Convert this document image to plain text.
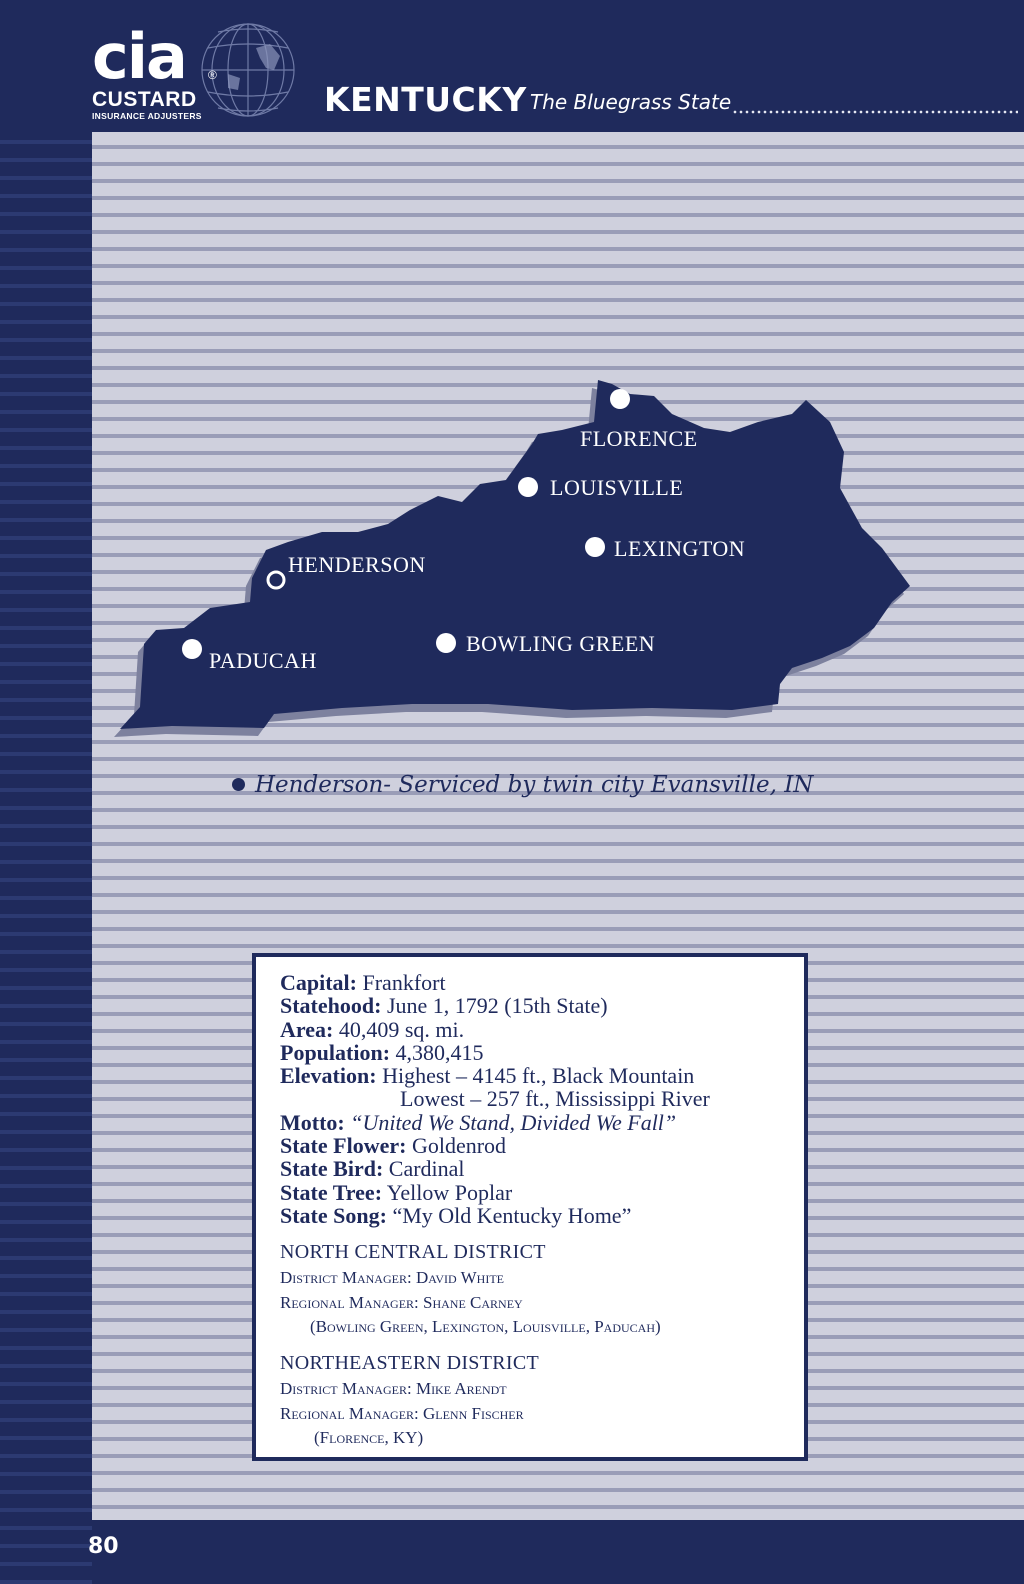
cia ®
CUSTARD
INSURANCE ADJUSTERS	KENTUCKY The Bluegrass State
FLORENCE
LOUISVILLE
LEXINGTON
HENDERSON
BOWLING GREEN
PADUCAH
Henderson- Serviced by twin city Evansville, IN
Capital: Frankfort
Statehood: June 1, 1792 (15th State)
Area: 40,409 sq. mi.
Population: 4,380,415
Elevation: Highest – 4145 ft., Black Mountain
Lowest – 257 ft., Mississippi River
Motto: “United We Stand, Divided We Fall”
State Flower: Goldenrod
State Bird: Cardinal
State Tree: Yellow Poplar
State Song: “My Old Kentucky Home”
NORTH CENTRAL DISTRICT
District Manager: David White
Regional Manager: Shane Carney
(Bowling Green, Lexington, Louisville, Paducah)
NORTHEASTERN DISTRICT
District Manager: Mike Arendt
Regional Manager: Glenn Fischer
(Florence, KY)
80
